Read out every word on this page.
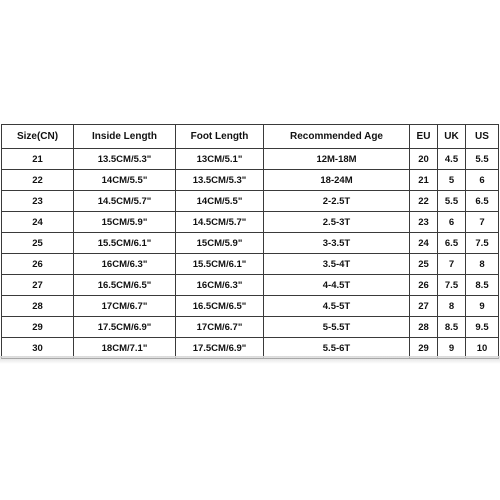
Size(CN)	Inside Length	Foot Length	Recommended Age	EU	UK	US
21	13.5CM/5.3"	13CM/5.1"	12M-18M	20	4.5	5.5
22	14CM/5.5"	13.5CM/5.3"	18-24M	21	5	6
23	14.5CM/5.7"	14CM/5.5"	2-2.5T	22	5.5	6.5
24	15CM/5.9"	14.5CM/5.7"	2.5-3T	23	6	7
25	15.5CM/6.1"	15CM/5.9"	3-3.5T	24	6.5	7.5
26	16CM/6.3"	15.5CM/6.1"	3.5-4T	25	7	8
27	16.5CM/6.5"	16CM/6.3"	4-4.5T	26	7.5	8.5
28	17CM/6.7"	16.5CM/6.5"	4.5-5T	27	8	9
29	17.5CM/6.9"	17CM/6.7"	5-5.5T	28	8.5	9.5
30	18CM/7.1"	17.5CM/6.9"	5.5-6T	29	9	10
